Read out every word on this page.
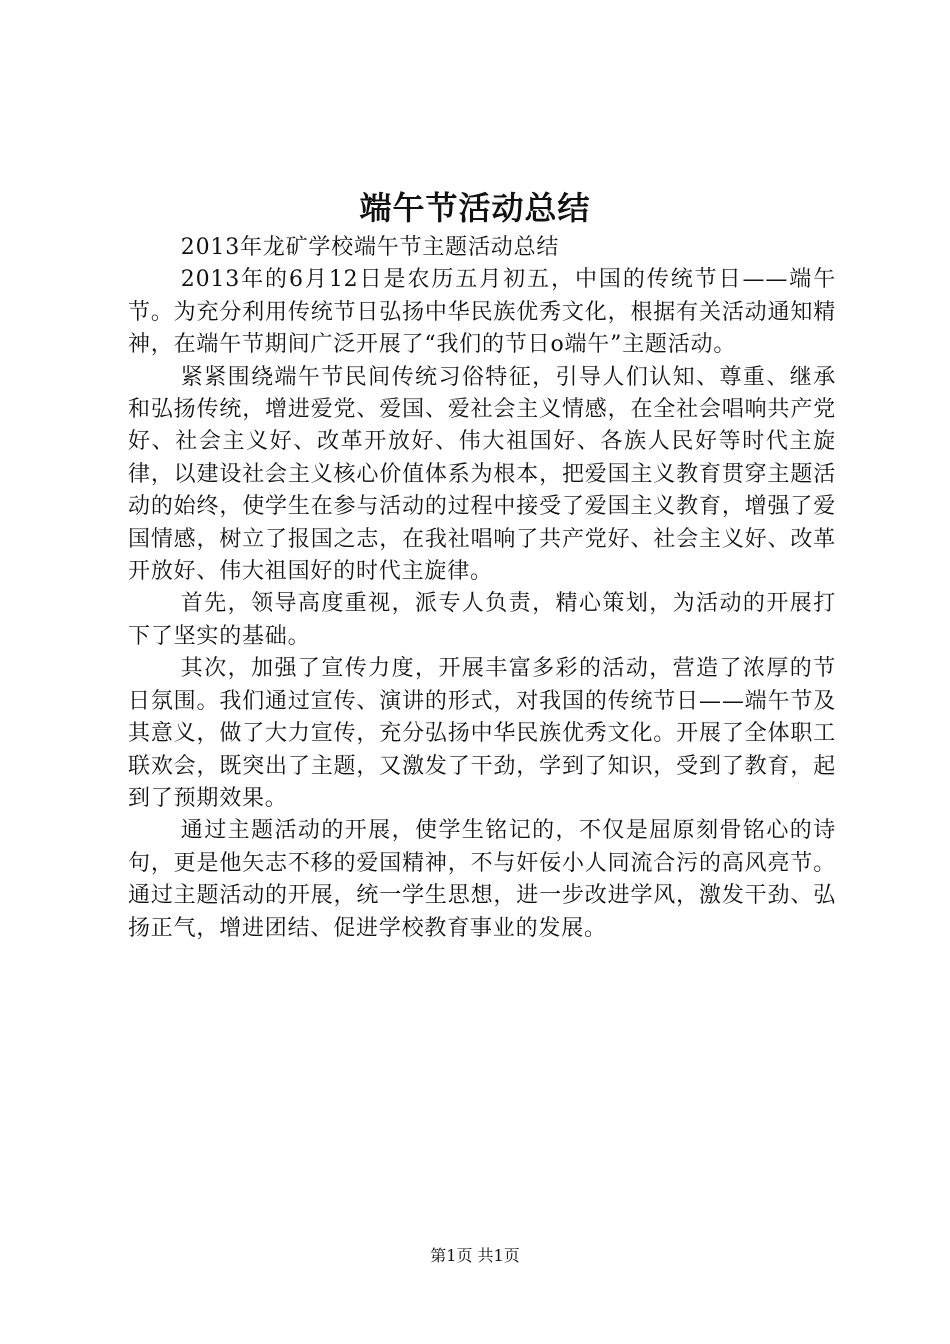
端午节活动总结

2013年龙矿学校端午节主题活动总结

2013年的6月12日是农历五月初五，中国的传统节日——端午节。为充分利用传统节日弘扬中华民族优秀文化，根据有关活动通知精神，在端午节期间广泛开展了“我们的节日o端午”主题活动。

紧紧围绕端午节民间传统习俗特征，引导人们认知、尊重、继承和弘扬传统，增进爱党、爱国、爱社会主义情感，在全社会唱响共产党好、社会主义好、改革开放好、伟大祖国好、各族人民好等时代主旋律，以建设社会主义核心价值体系为根本，把爱国主义教育贯穿主题活动的始终，使学生在参与活动的过程中接受了爱国主义教育，增强了爱国情感，树立了报国之志，在我社唱响了共产党好、社会主义好、改革开放好、伟大祖国好的时代主旋律。

首先，领导高度重视，派专人负责，精心策划，为活动的开展打下了坚实的基础。

其次，加强了宣传力度，开展丰富多彩的活动，营造了浓厚的节日氛围。我们通过宣传、演讲的形式，对我国的传统节日——端午节及其意义，做了大力宣传，充分弘扬中华民族优秀文化。开展了全体职工联欢会，既突出了主题，又激发了干劲，学到了知识，受到了教育，起到了预期效果。

通过主题活动的开展，使学生铭记的，不仅是屈原刻骨铭心的诗句，更是他矢志不移的爱国精神，不与奸佞小人同流合污的高风亮节。通过主题活动的开展，统一学生思想，进一步改进学风，激发干劲、弘扬正气，增进团结、促进学校教育事业的发展。

第1页 共1页
